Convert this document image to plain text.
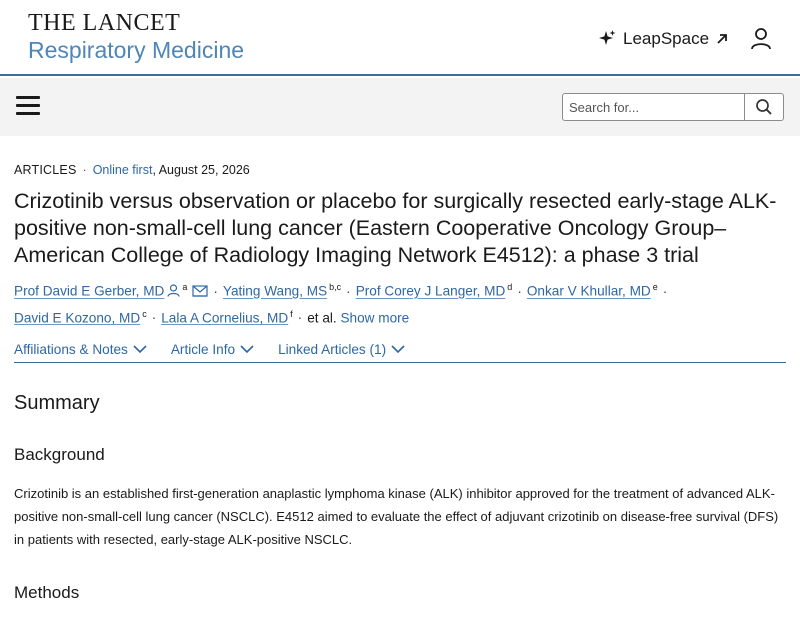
THE LANCET
Respiratory Medicine	LeapSpace
Search for...
ARTICLES · Online first, August 25, 2026
Crizotinib versus observation or placebo for surgically resected early-stage ALK-positive non-small-cell lung cancer (Eastern Cooperative Oncology Group–American College of Radiology Imaging Network E4512): a phase 3 trial
Prof David E Gerber, MD $^a$ · Yating Wang, MS $^{b,c}$ · Prof Corey J Langer, MD $^d$ · Onkar V Khullar, MD $^e$ ·
David E Kozono, MD $^c$ · Lala A Cornelius, MD $^f$ · et al. Show more
Affiliations & Notes	Article Info	Linked Articles (1)
Summary
Background

Crizotinib is an established first-generation anaplastic lymphoma kinase (ALK) inhibitor approved for the treatment of advanced ALK-positive non-small-cell lung cancer (NSCLC). E4512 aimed to evaluate the effect of adjuvant crizotinib on disease-free survival (DFS) in patients with resected, early-stage ALK-positive NSCLC.

Methods
